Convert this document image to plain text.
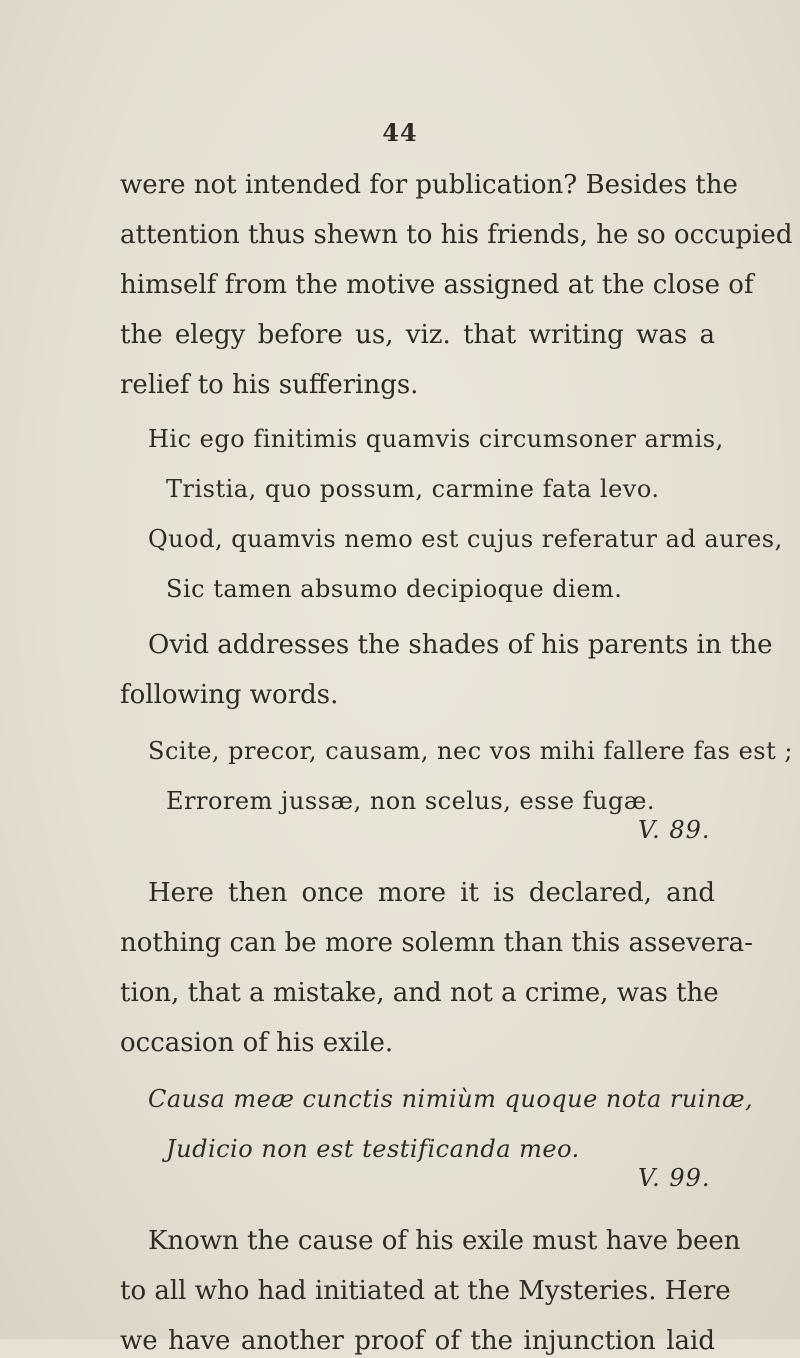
44
were not intended for publication? Besides the
attention thus shewn to his friends, he so occupied
himself from the motive assigned at the close of
the elegy before us, viz. that writing was a
relief to his sufferings.
Hic ego finitimis quamvis circumsoner armis,
Tristia, quo possum, carmine fata levo.
Quod, quamvis nemo est cujus referatur ad aures,
Sic tamen absumo decipioque diem.
Ovid addresses the shades of his parents in the
following words.
Scite, precor, causam, nec vos mihi fallere fas est ;
Errorem jussæ, non scelus, esse fugæ.
V. 89.
Here then once more it is declared, and
nothing can be more solemn than this assevera-
tion, that a mistake, and not a crime, was the
occasion of his exile.
Causa meæ cunctis nimiùm quoque nota ruinæ,
Judicio non est testificanda meo.
V. 99.
Known the cause of his exile must have been
to all who had initiated at the Mysteries. Here
we have another proof of the injunction laid
